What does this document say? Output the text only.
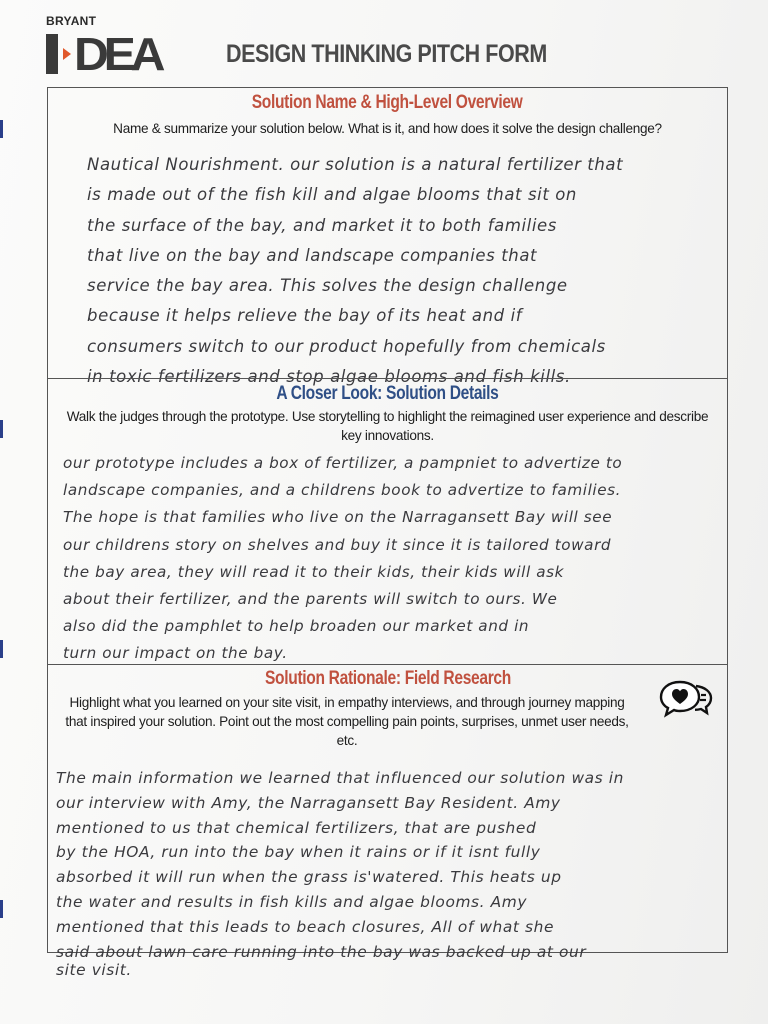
BRYANT
DEA	DESIGN THINKING PITCH FORM
Solution Name & High-Level Overview
Name & summarize your solution below. What is it, and how does it solve the design challenge?
Nautical Nourishment. our solution is a natural fertilizer that
is made out of the fish kill and algae blooms that sit on
the surface of the bay, and market it to both families
that live on the bay and landscape companies that
service the bay area. This solves the design challenge
because it helps relieve the bay of its heat and if
consumers switch to our product hopefully from chemicals
in toxic fertilizers and stop algae blooms and fish kills.
A Closer Look: Solution Details
Walk the judges through the prototype. Use storytelling to highlight the reimagined user experience and describe key innovations.
our prototype includes a box of fertilizer, a pampniet to advertize to
landscape companies, and a childrens book to advertize to families.
The hope is that families who live on the Narragansett Bay will see
our childrens story on shelves and buy it since it is tailored toward
the bay area, they will read it to their kids, their kids will ask
about their fertilizer, and the parents will switch to ours. We
also did the pamphlet to help broaden our market and in
turn our impact on the bay.
Solution Rationale: Field Research
Highlight what you learned on your site visit, in empathy interviews, and through journey mapping that inspired your solution. Point out the most compelling pain points, surprises, unmet user needs, etc.
The main information we learned that influenced our solution was in
our interview with Amy, the Narragansett Bay Resident. Amy
mentioned to us that chemical fertilizers, that are pushed
by the HOA, run into the bay when it rains or if it isnt fully
absorbed it will run when the grass is'watered. This heats up
the water and results in fish kills and algae blooms. Amy
mentioned that this leads to beach closures, All of what she
said about lawn care running into the bay was backed up at our
site visit.
